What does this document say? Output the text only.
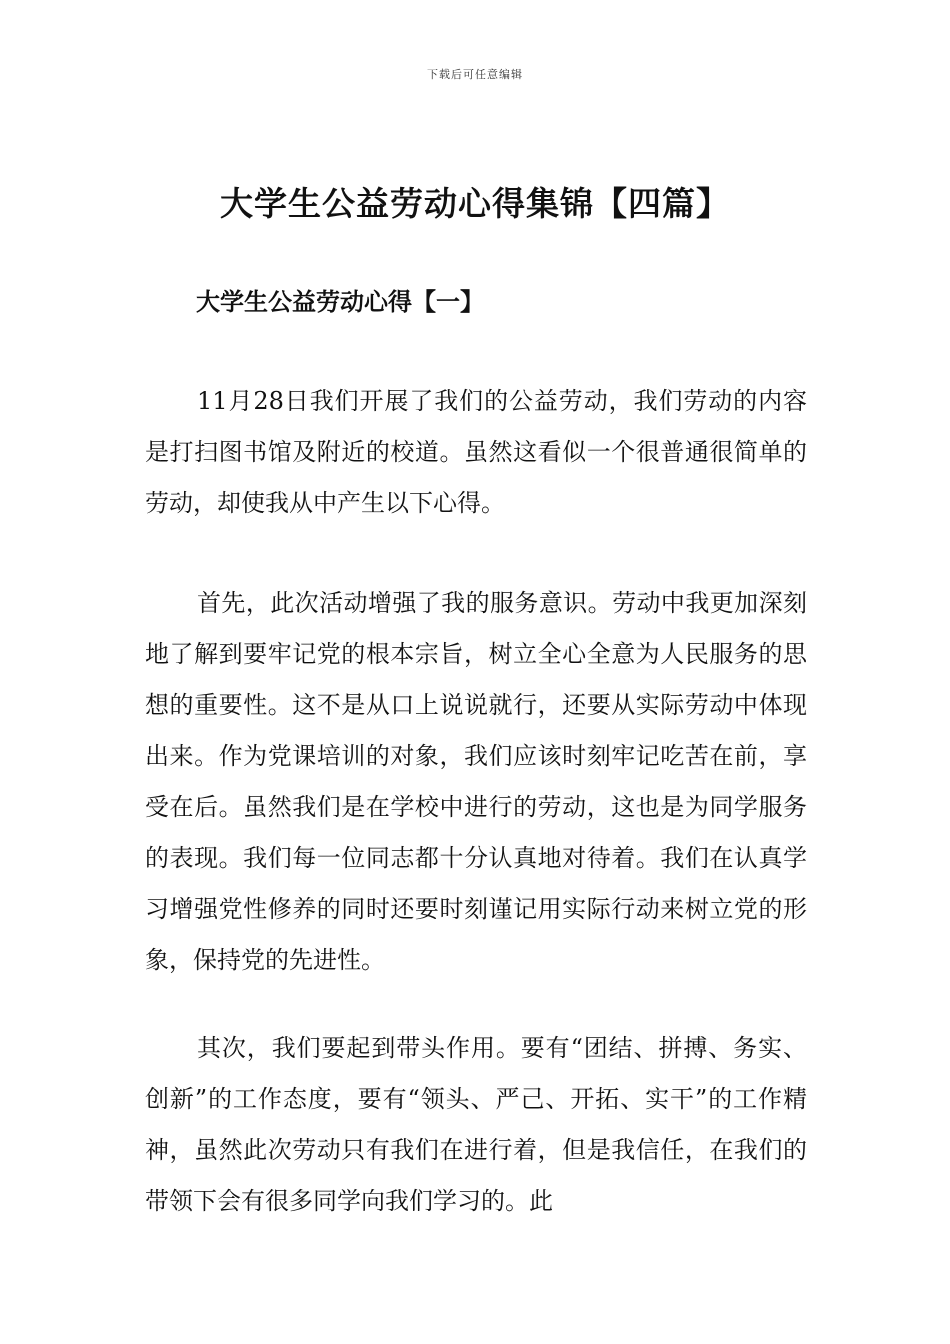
下载后可任意编辑
大学生公益劳动心得集锦【四篇】
大学生公益劳动心得【一】

11月28日我们开展了我们的公益劳动，我们劳动的内容是打扫图书馆及附近的校道。虽然这看似一个很普通很简单的劳动，却使我从中产生以下心得。

首先，此次活动增强了我的服务意识。劳动中我更加深刻地了解到要牢记党的根本宗旨，树立全心全意为人民服务的思想的重要性。这不是从口上说说就行，还要从实际劳动中体现出来。作为党课培训的对象，我们应该时刻牢记吃苦在前，享受在后。虽然我们是在学校中进行的劳动，这也是为同学服务的表现。我们每一位同志都十分认真地对待着。我们在认真学习增强党性修养的同时还要时刻谨记用实际行动来树立党的形象，保持党的先进性。

其次，我们要起到带头作用。要有“团结、拼搏、务实、创新”的工作态度，要有“领头、严己、开拓、实干”的工作精神，虽然此次劳动只有我们在进行着，但是我信任，在我们的带领下会有很多同学向我们学习的。此
